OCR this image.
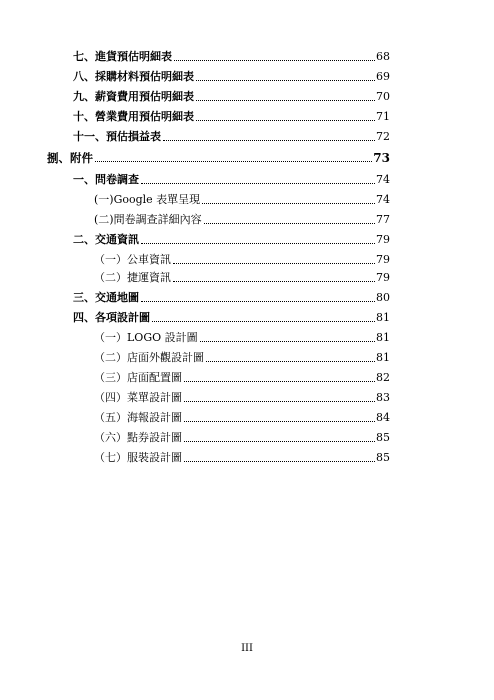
七、進貨預估明細表	68
八、採購材料預估明細表	69
九、薪資費用預估明細表	70
十、營業費用預估明細表	71
十一、預估損益表	72
捌、附件	73
一、問卷調查	74
(一)Google 表單呈現	74
(二)問卷調查詳細內容	77
二、交通資訊	79
（一）公車資訊	79
（二）捷運資訊	79
三、交通地圖	80
四、各項設計圖	81
（一）LOGO 設計圖	81
（二）店面外觀設計圖	81
（三）店面配置圖	82
（四）菜單設計圖	83
（五）海報設計圖	84
（六）點券設計圖	85
（七）服裝設計圖	85
III
